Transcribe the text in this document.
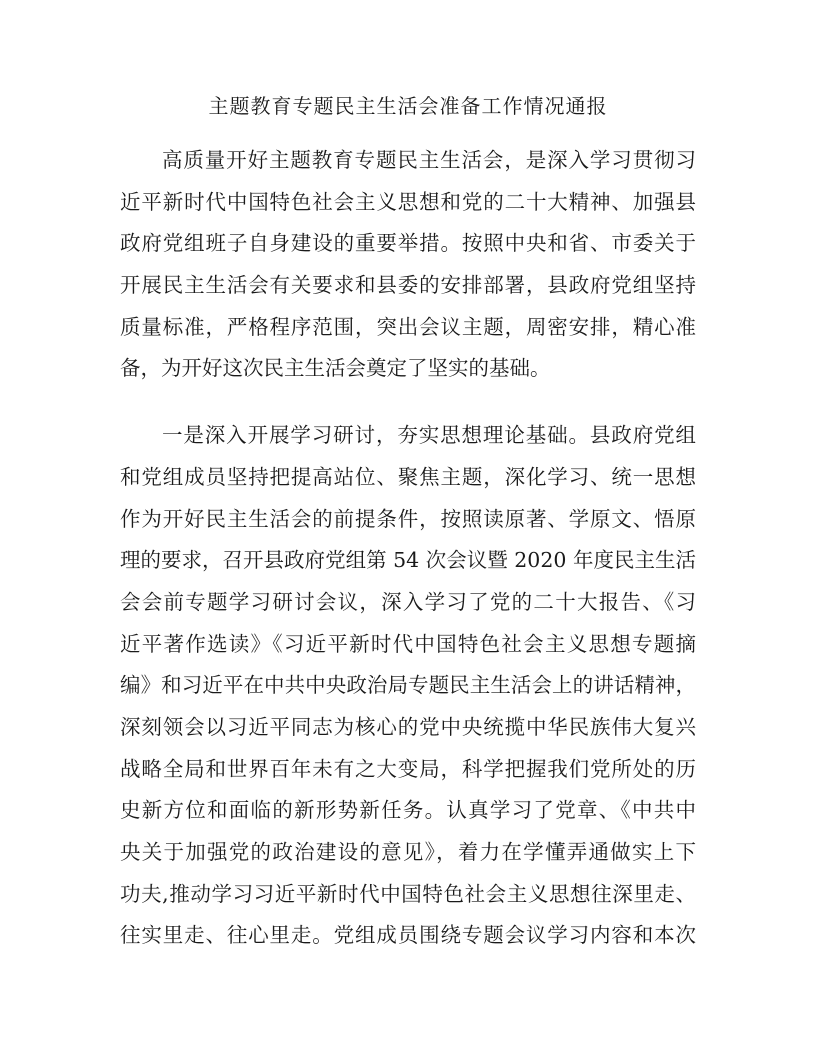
主题教育专题民主生活会准备工作情况通报
高质量开好主题教育专题民主生活会，是深入学习贯彻习
近平新时代中国特色社会主义思想和党的二十大精神、加强县
政府党组班子自身建设的重要举措。按照中央和省、市委关于
开展民主生活会有关要求和县委的安排部署，县政府党组坚持
质量标准，严格程序范围，突出会议主题，周密安排，精心准
备，为开好这次民主生活会奠定了坚实的基础。
一是深入开展学习研讨，夯实思想理论基础。县政府党组
和党组成员坚持把提高站位、聚焦主题，深化学习、统一思想
作为开好民主生活会的前提条件，按照读原著、学原文、悟原
理的要求，召开县政府党组第 54 次会议暨 2020 年度民主生活
会会前专题学习研讨会议，深入学习了党的二十大报告、《习
近平著作选读》《习近平新时代中国特色社会主义思想专题摘
编》和习近平在中共中央政治局专题民主生活会上的讲话精神，
深刻领会以习近平同志为核心的党中央统揽中华民族伟大复兴
战略全局和世界百年未有之大变局，科学把握我们党所处的历
史新方位和面临的新形势新任务。认真学习了党章、《中共中
央关于加强党的政治建设的意见》，着力在学懂弄通做实上下
功夫,推动学习习近平新时代中国特色社会主义思想往深里走、
往实里走、往心里走。党组成员围绕专题会议学习内容和本次
